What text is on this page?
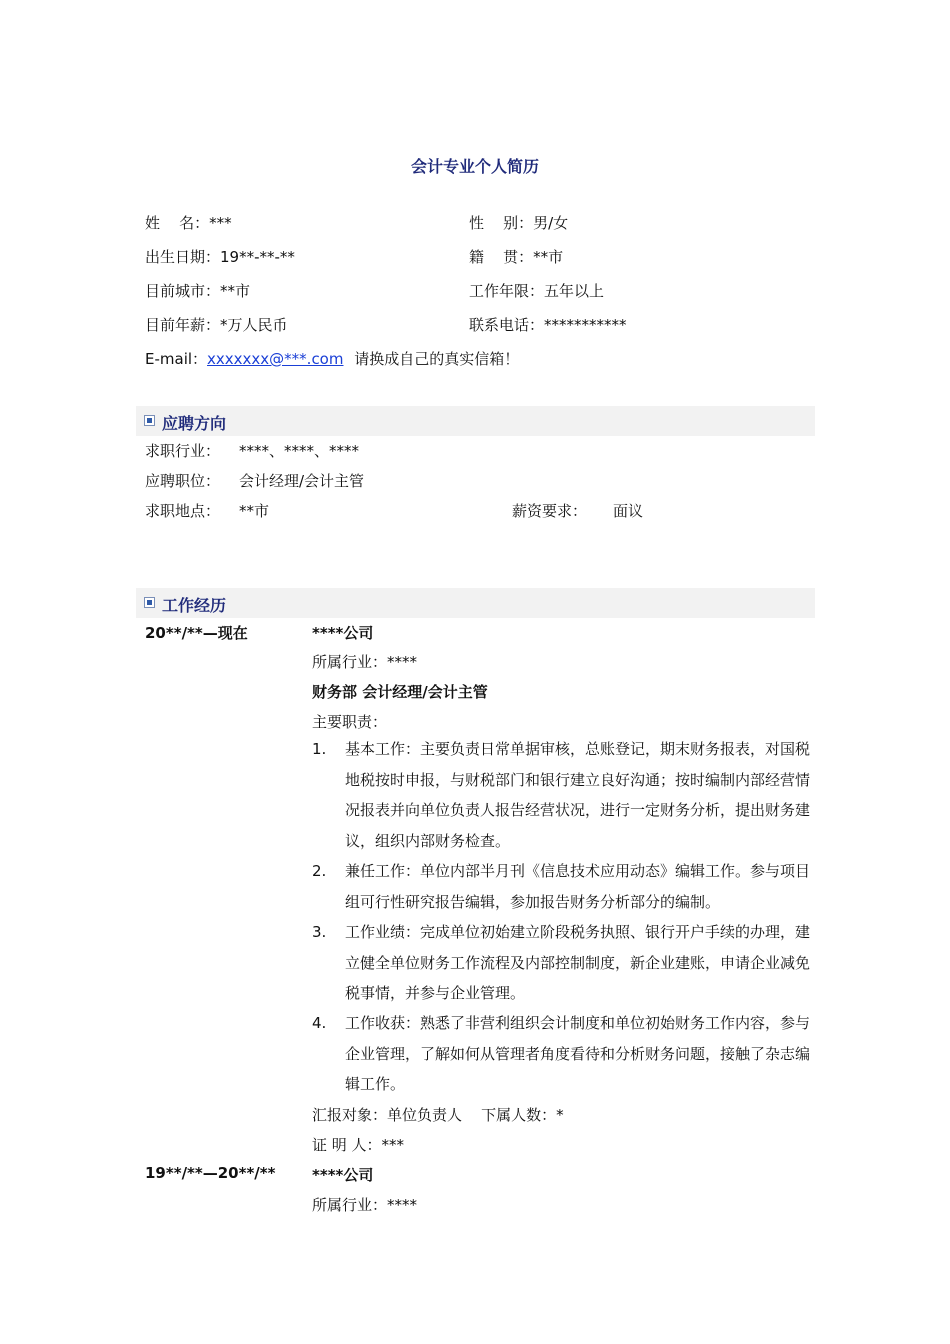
会计专业个人简历
姓    名：***	性    别：男/女
出生日期：19**-**-**	籍    贯：**市
目前城市：**市	工作年限：五年以上
目前年薪：*万人民币	联系电话：***********
E-mail：xxxxxxx@***.com 请换成自己的真实信箱！
应聘方向
求职行业： ****、****、****
应聘职位： 会计经理/会计主管
求职地点： **市	薪资要求： 面议
工作经历
20**/**—现在	****公司
所属行业：****
财务部 会计经理/会计主管
主要职责：
1. 基本工作：主要负责日常单据审核，总账登记，期末财务报表，对国税地税按时申报，与财税部门和银行建立良好沟通；按时编制内部经营情况报表并向单位负责人报告经营状况，进行一定财务分析，提出财务建议，组织内部财务检查。
2. 兼任工作：单位内部半月刊《信息技术应用动态》编辑工作。参与项目组可行性研究报告编辑，参加报告财务分析部分的编制。
3. 工作业绩：完成单位初始建立阶段税务执照、银行开户手续的办理，建立健全单位财务工作流程及内部控制制度，新企业建账，申请企业减免税事情，并参与企业管理。
4. 工作收获：熟悉了非营利组织会计制度和单位初始财务工作内容，参与企业管理，了解如何从管理者角度看待和分析财务问题，接触了杂志编辑工作。
汇报对象：单位负责人    下属人数：*
证 明 人：***
19**/**—20**/** ****公司
所属行业：****
